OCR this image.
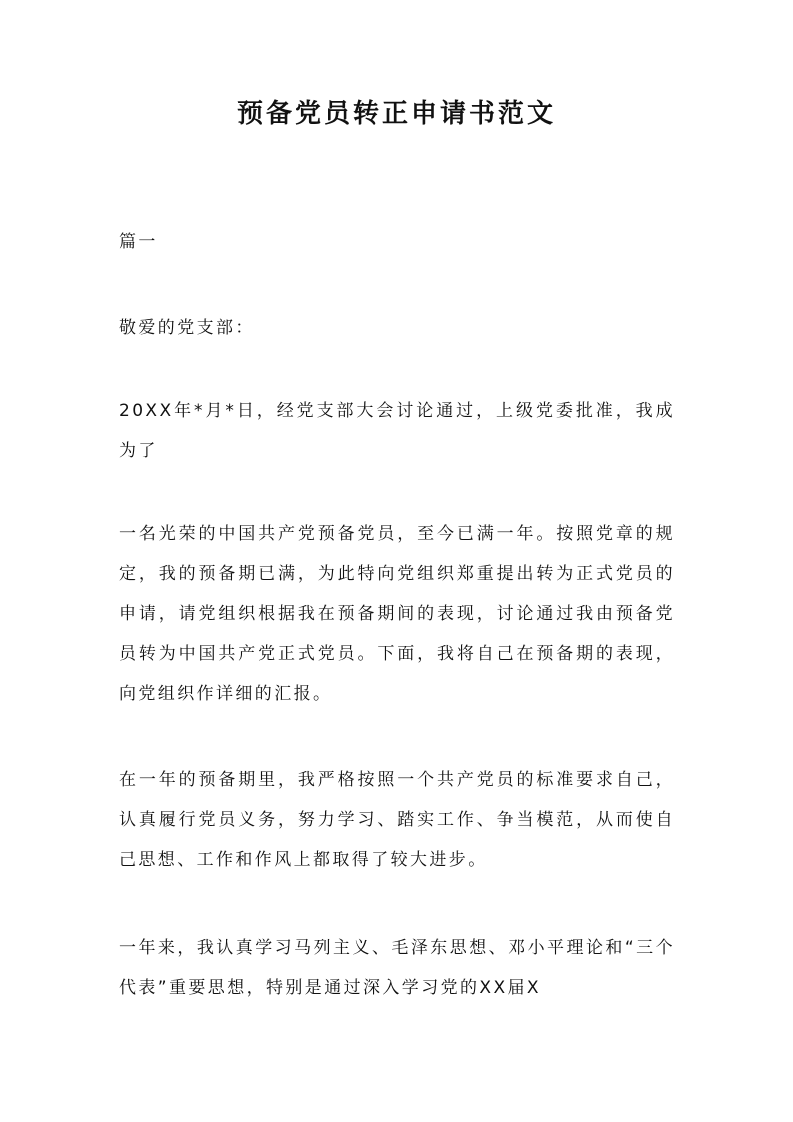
预备党员转正申请书范文

篇一

敬爱的党支部：

20XX年*月*日，经党支部大会讨论通过，上级党委批准，我成为了

一名光荣的中国共产党预备党员，至今已满一年。按照党章的规定，我的预备期已满，为此特向党组织郑重提出转为正式党员的申请，请党组织根据我在预备期间的表现，讨论通过我由预备党员转为中国共产党正式党员。下面，我将自己在预备期的表现，向党组织作详细的汇报。

在一年的预备期里，我严格按照一个共产党员的标准要求自己，认真履行党员义务，努力学习、踏实工作、争当模范，从而使自己思想、工作和作风上都取得了较大进步。

一年来，我认真学习马列主义、毛泽东思想、邓小平理论和“三个代表”重要思想，特别是通过深入学习党的XX届X
